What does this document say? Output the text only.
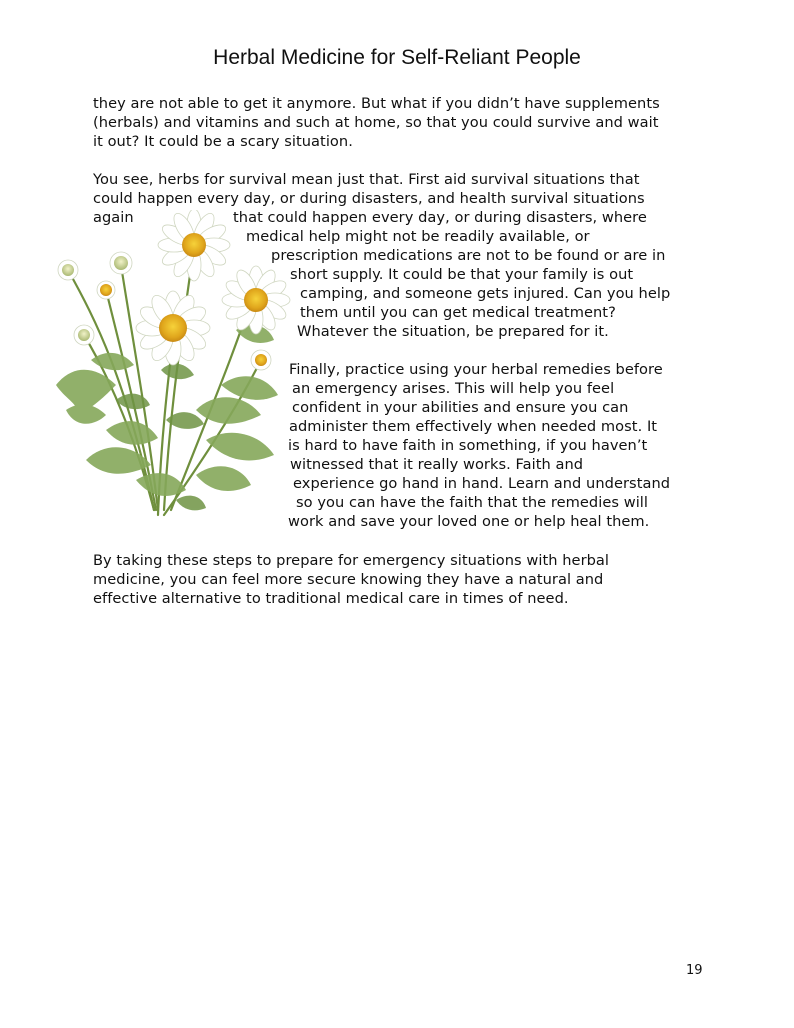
Herbal Medicine for Self-Reliant People
they are not able to get it anymore. But what if you didn’t have supplements
(herbals) and vitamins and such at home, so that you could survive and wait
it out? It could be a scary situation.
You see, herbs for survival mean just that. First aid survival situations that
could happen every day, or during disasters, and health survival situations
again	that could happen every day, or during disasters, where
medical help might not be readily available, or
prescription medications are not to be found or are in
short supply. It could be that your family is out
camping, and someone gets injured. Can you help
them until you can get medical treatment?
Whatever the situation, be prepared for it.
Finally, practice using your herbal remedies before
an emergency arises. This will help you feel
confident in your abilities and ensure you can
administer them effectively when needed most. It
is hard to have faith in something, if you haven’t
witnessed that it really works. Faith and
experience go hand in hand. Learn and understand
so you can have the faith that the remedies will
work and save your loved one or help heal them.
By taking these steps to prepare for emergency situations with herbal
medicine, you can feel more secure knowing they have a natural and
effective alternative to traditional medical care in times of need.
19
